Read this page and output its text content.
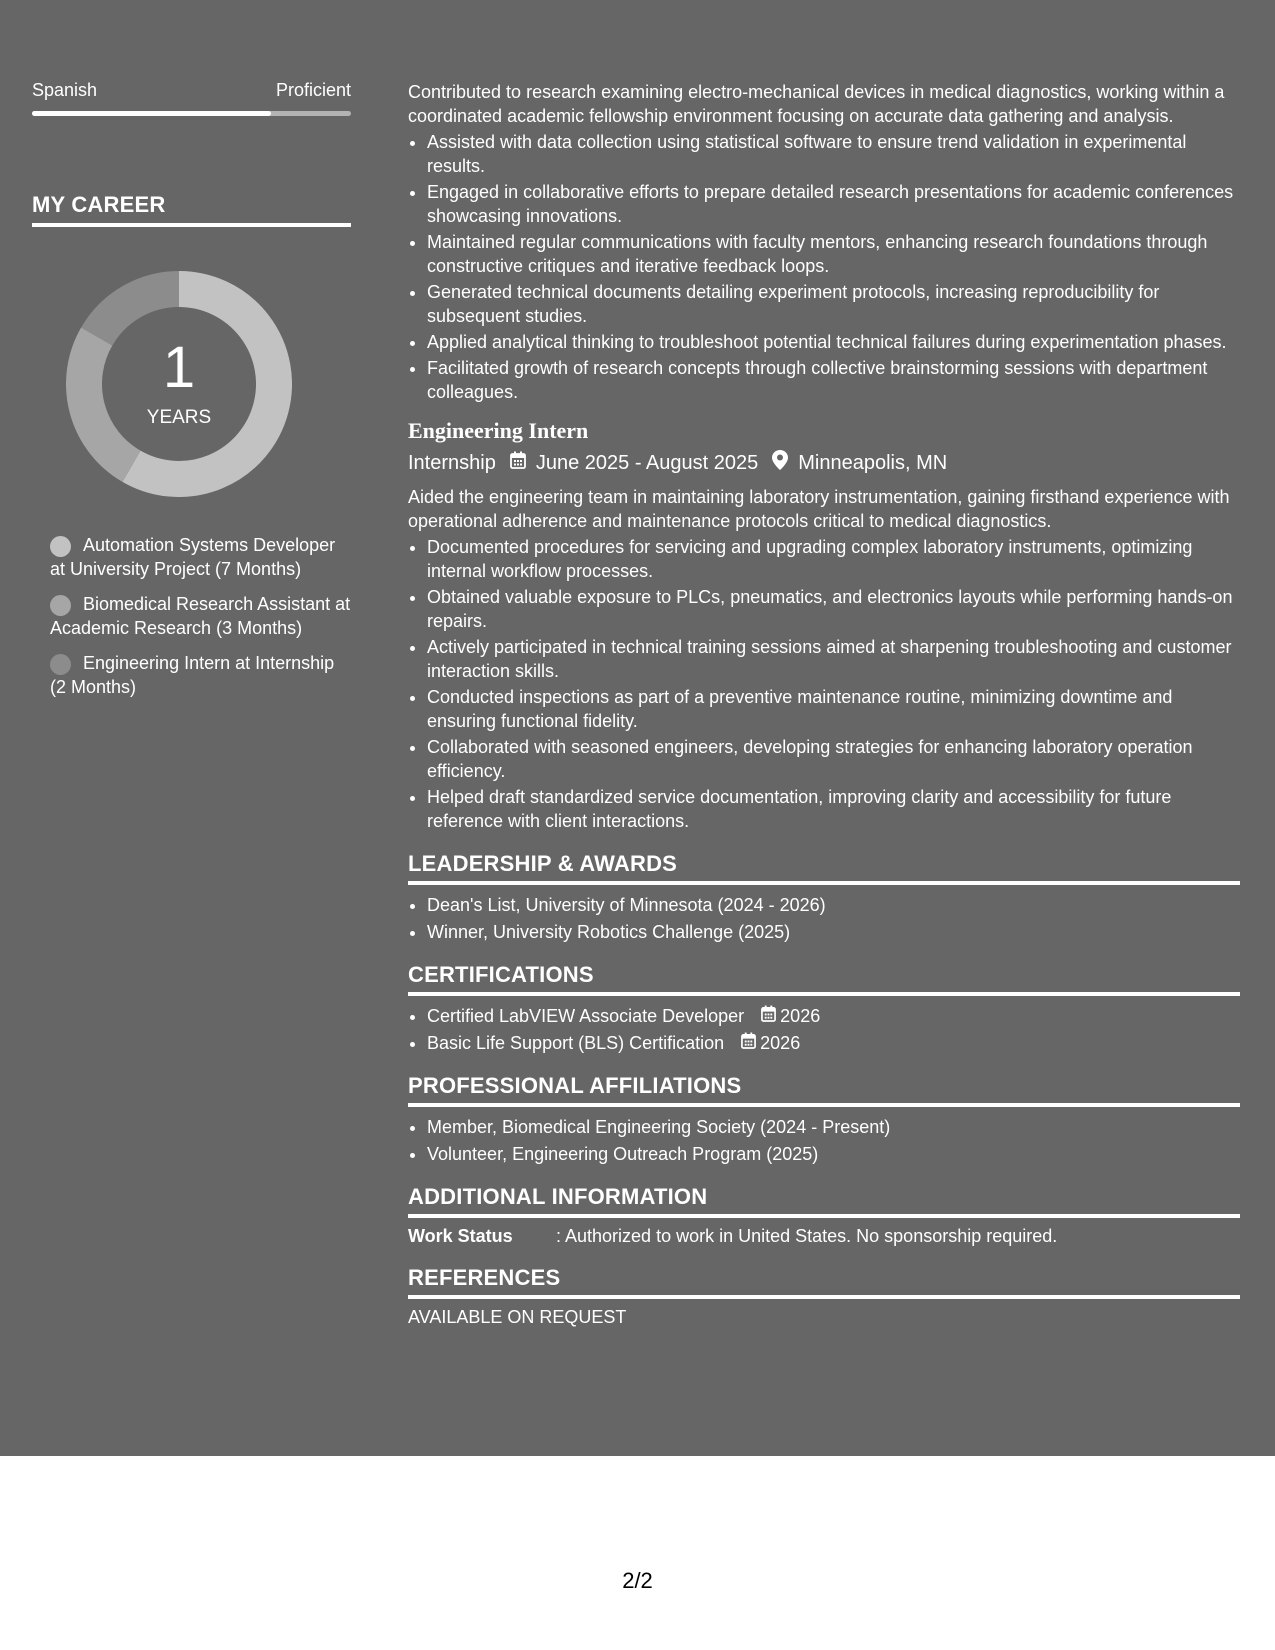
Spanish	Proficient
MY CAREER
1
YEARS
Automation Systems Developer at University Project (7 Months)
Biomedical Research Assistant at Academic Research (3 Months)
Engineering Intern at Internship (2 Months)
Contributed to research examining electro-mechanical devices in medical diagnostics, working within a coordinated academic fellowship environment focusing on accurate data gathering and analysis.
• Assisted with data collection using statistical software to ensure trend validation in experimental results.
• Engaged in collaborative efforts to prepare detailed research presentations for academic conferences showcasing innovations.
• Maintained regular communications with faculty mentors, enhancing research foundations through constructive critiques and iterative feedback loops.
• Generated technical documents detailing experiment protocols, increasing reproducibility for subsequent studies.
• Applied analytical thinking to troubleshoot potential technical failures during experimentation phases.
• Facilitated growth of research concepts through collective brainstorming sessions with department colleagues.
Engineering Intern
Internship June 2025 - August 2025 Minneapolis, MN
Aided the engineering team in maintaining laboratory instrumentation, gaining firsthand experience with operational adherence and maintenance protocols critical to medical diagnostics.
• Documented procedures for servicing and upgrading complex laboratory instruments, optimizing internal workflow processes.
• Obtained valuable exposure to PLCs, pneumatics, and electronics layouts while performing hands-on repairs.
• Actively participated in technical training sessions aimed at sharpening troubleshooting and customer interaction skills.
• Conducted inspections as part of a preventive maintenance routine, minimizing downtime and ensuring functional fidelity.
• Collaborated with seasoned engineers, developing strategies for enhancing laboratory operation efficiency.
• Helped draft standardized service documentation, improving clarity and accessibility for future reference with client interactions.
LEADERSHIP & AWARDS
• Dean's List, University of Minnesota (2024 - 2026)
• Winner, University Robotics Challenge (2025)
CERTIFICATIONS
• Certified LabVIEW Associate Developer 2026
• Basic Life Support (BLS) Certification 2026
PROFESSIONAL AFFILIATIONS
• Member, Biomedical Engineering Society (2024 - Present)
• Volunteer, Engineering Outreach Program (2025)
ADDITIONAL INFORMATION
Work Status	: Authorized to work in United States. No sponsorship required.
REFERENCES
AVAILABLE ON REQUEST
2/2
